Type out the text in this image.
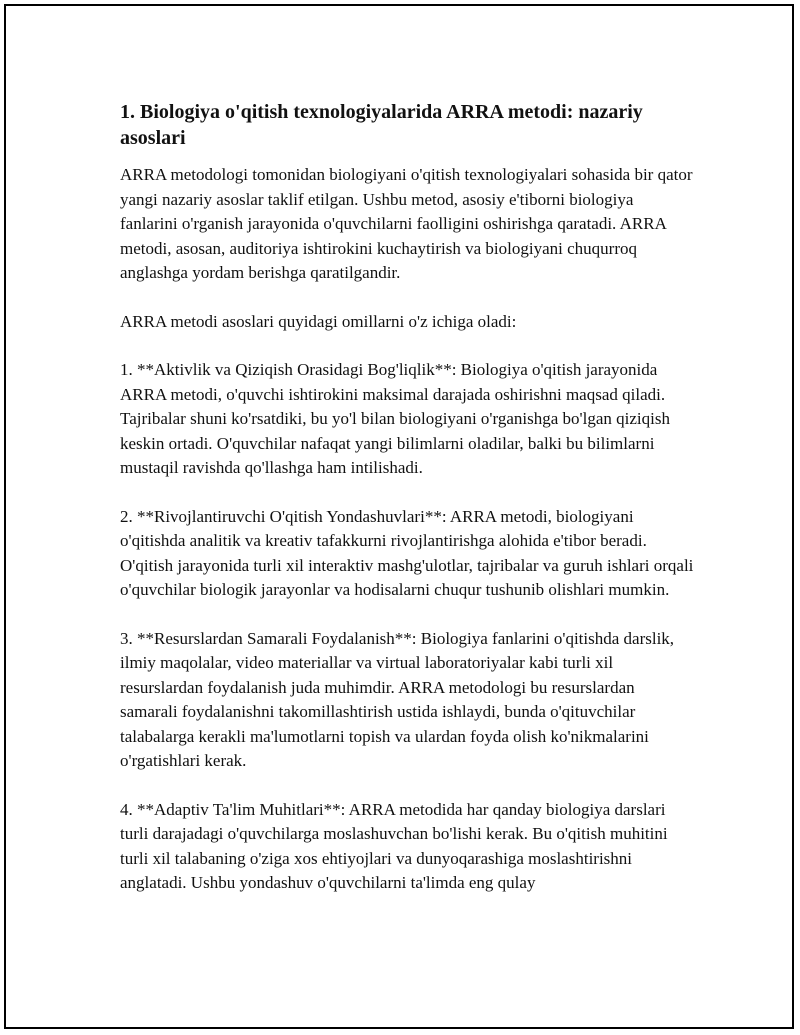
1. Biologiya o'qitish texnologiyalarida ARRA metodi: nazariy asoslari

ARRA metodologi tomonidan biologiyani o'qitish texnologiyalari sohasida bir qator yangi nazariy asoslar taklif etilgan. Ushbu metod, asosiy e'tiborni biologiya fanlarini o'rganish jarayonida o'quvchilarni faolligini oshirishga qaratadi. ARRA metodi, asosan, auditoriya ishtirokini kuchaytirish va biologiyani chuqurroq anglashga yordam berishga qaratilgandir.

ARRA metodi asoslari quyidagi omillarni o'z ichiga oladi:

1. **Aktivlik va Qiziqish Orasidagi Bog'liqlik**: Biologiya o'qitish jarayonida ARRA metodi, o'quvchi ishtirokini maksimal darajada oshirishni maqsad qiladi. Tajribalar shuni ko'rsatdiki, bu yo'l bilan biologiyani o'rganishga bo'lgan qiziqish keskin ortadi. O'quvchilar nafaqat yangi bilimlarni oladilar, balki bu bilimlarni mustaqil ravishda qo'llashga ham intilishadi.

2. **Rivojlantiruvchi O'qitish Yondashuvlari**: ARRA metodi, biologiyani o'qitishda analitik va kreativ tafakkurni rivojlantirishga alohida e'tibor beradi. O'qitish jarayonida turli xil interaktiv mashg'ulotlar, tajribalar va guruh ishlari orqali o'quvchilar biologik jarayonlar va hodisalarni chuqur tushunib olishlari mumkin.

3. **Resurslardan Samarali Foydalanish**: Biologiya fanlarini o'qitishda darslik, ilmiy maqolalar, video materiallar va virtual laboratoriyalar kabi turli xil resurslardan foydalanish juda muhimdir. ARRA metodologi bu resurslardan samarali foydalanishni takomillashtirish ustida ishlaydi, bunda o'qituvchilar talabalarga kerakli ma'lumotlarni topish va ulardan foyda olish ko'nikmalarini o'rgatishlari kerak.

4. **Adaptiv Ta'lim Muhitlari**: ARRA metodida har qanday biologiya darslari turli darajadagi o'quvchilarga moslashuvchan bo'lishi kerak. Bu o'qitish muhitini turli xil talabaning o'ziga xos ehtiyojlari va dunyoqarashiga moslashtirishni anglatadi. Ushbu yondashuv o'quvchilarni ta'limda eng qulay
